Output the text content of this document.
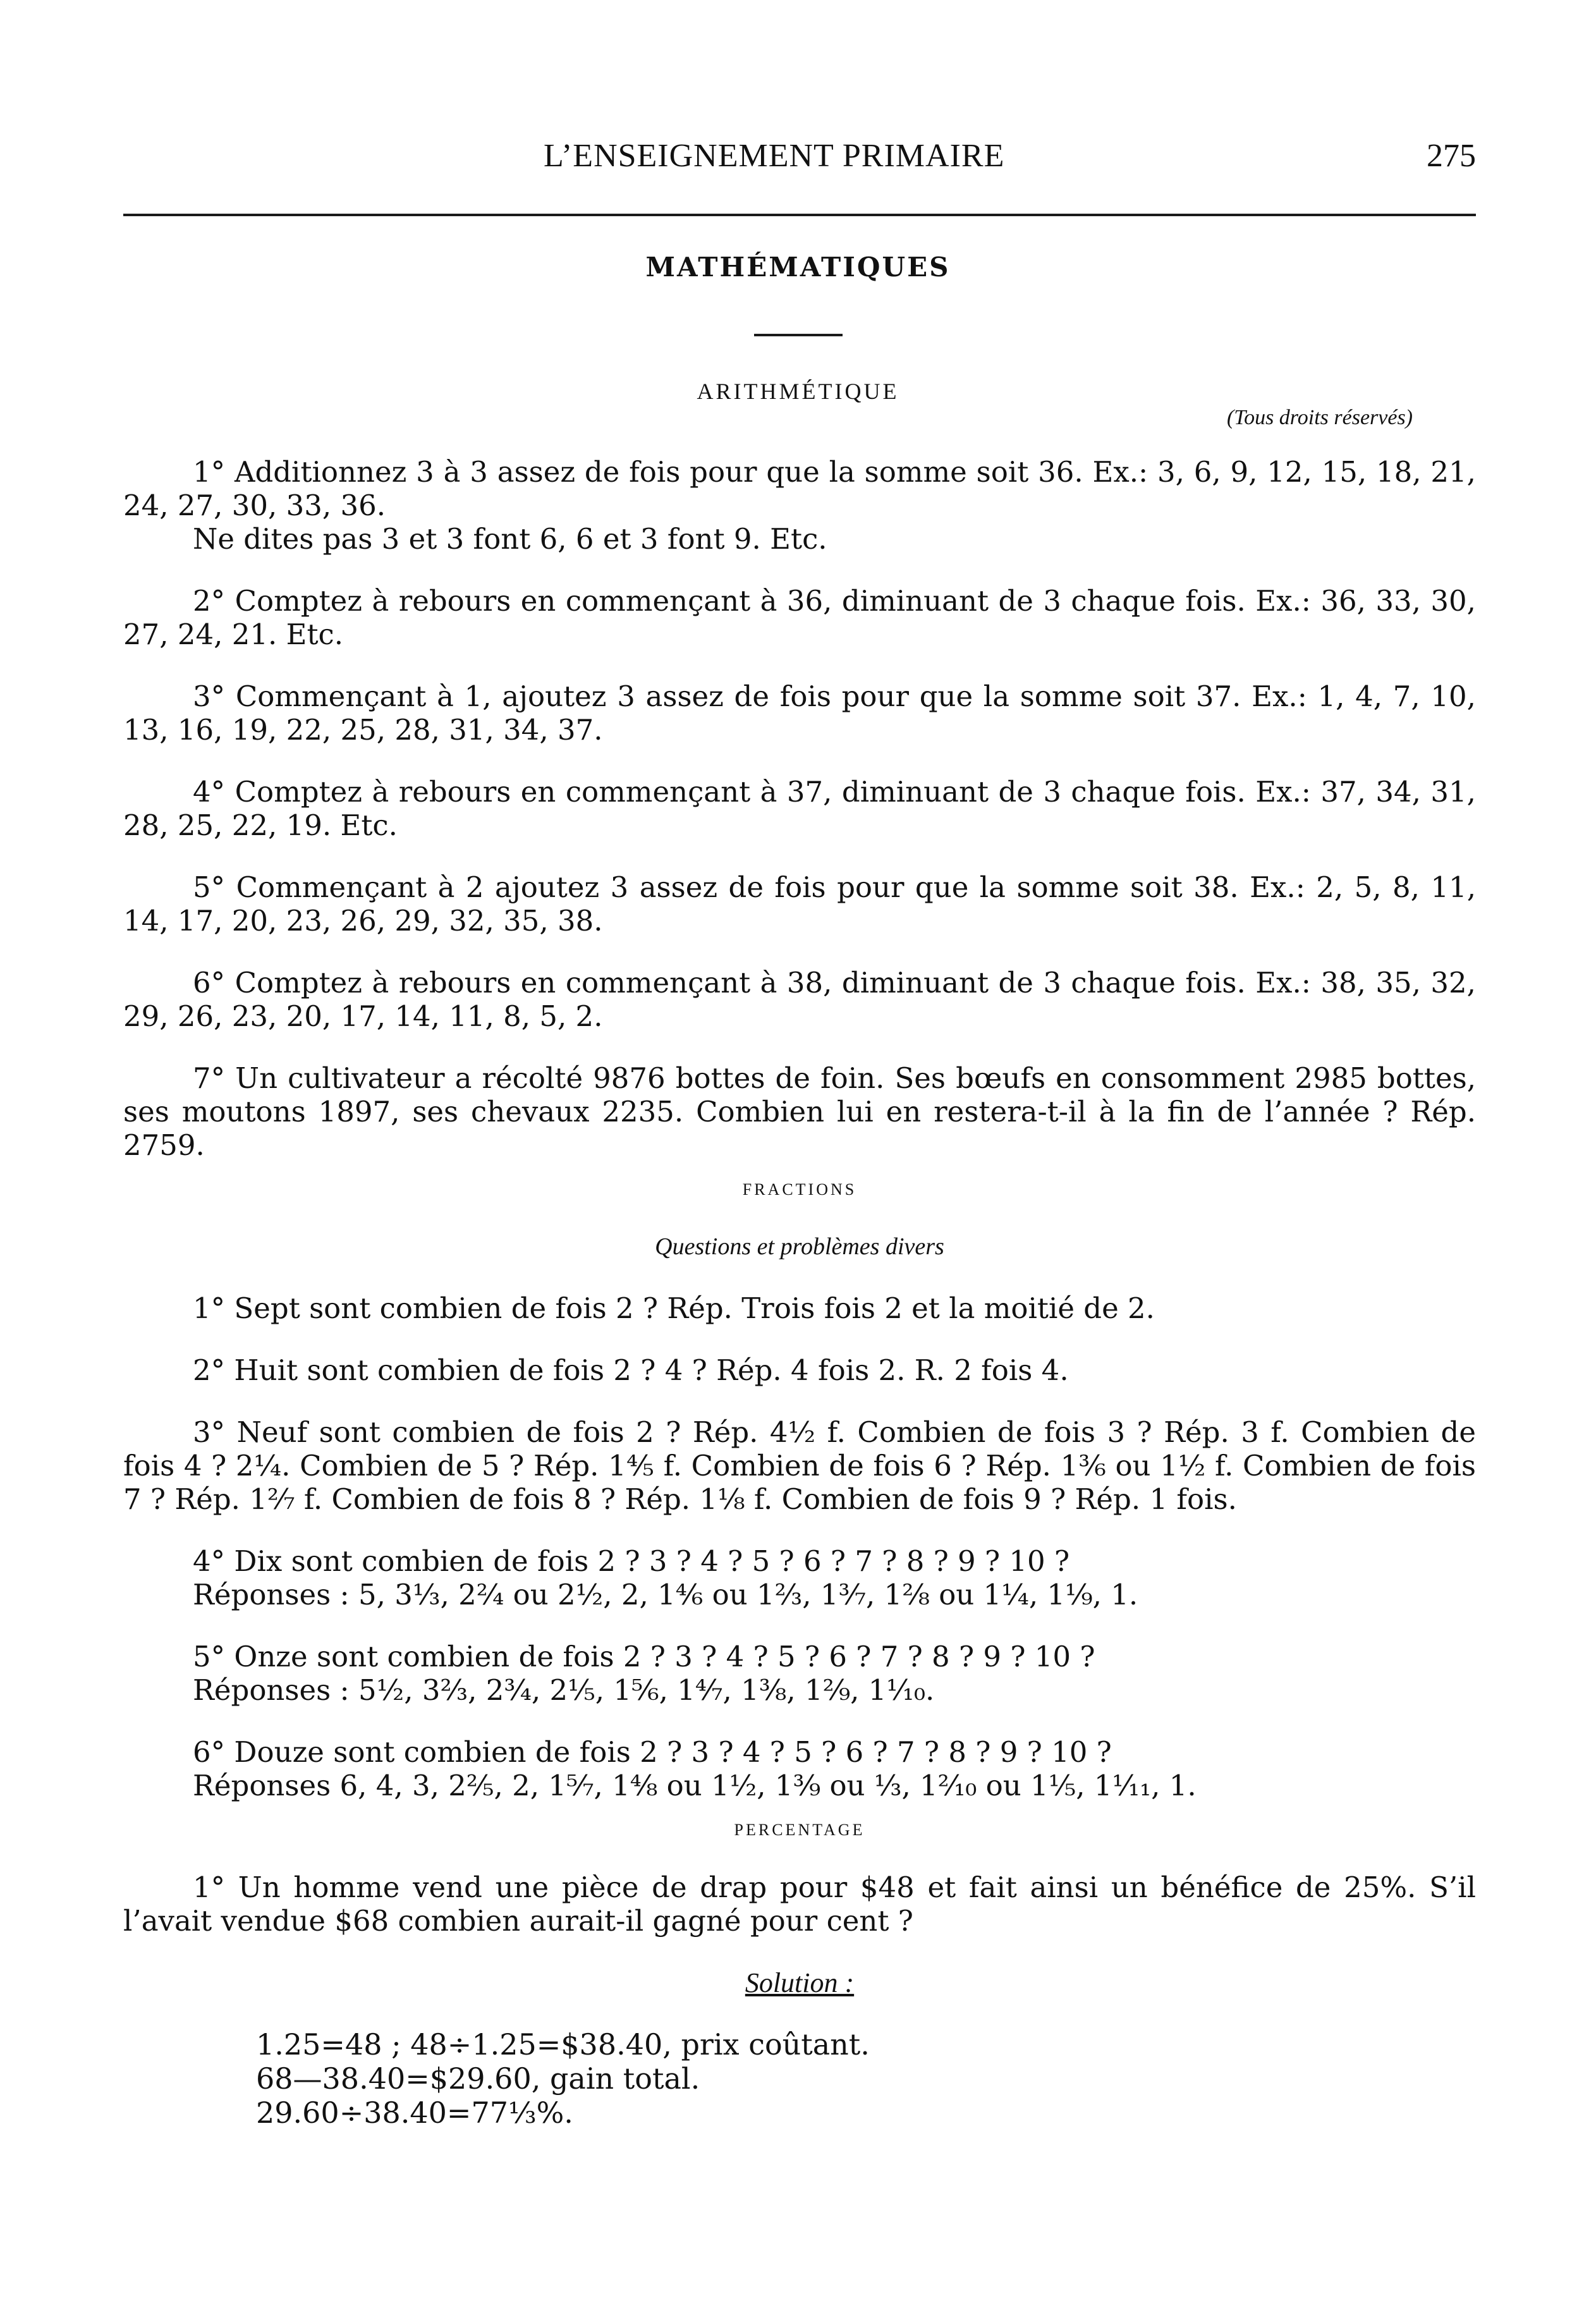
L’ENSEIGNEMENT PRIMAIRE	275
MATHÉMATIQUES
ARITHMÉTIQUE
(Tous droits réservés)
1° Additionnez 3 à 3 assez de fois pour que la somme soit 36. Ex.: 3, 6, 9, 12, 15, 18, 21, 24, 27, 30, 33, 36.
Ne dites pas 3 et 3 font 6, 6 et 3 font 9. Etc.
2° Comptez à rebours en commençant à 36, diminuant de 3 chaque fois. Ex.: 36, 33, 30, 27, 24, 21. Etc.
3° Commençant à 1, ajoutez 3 assez de fois pour que la somme soit 37. Ex.: 1, 4, 7, 10, 13, 16, 19, 22, 25, 28, 31, 34, 37.
4° Comptez à rebours en commençant à 37, diminuant de 3 chaque fois. Ex.: 37, 34, 31, 28, 25, 22, 19. Etc.
5° Commençant à 2 ajoutez 3 assez de fois pour que la somme soit 38. Ex.: 2, 5, 8, 11, 14, 17, 20, 23, 26, 29, 32, 35, 38.
6° Comptez à rebours en commençant à 38, diminuant de 3 chaque fois. Ex.: 38, 35, 32, 29, 26, 23, 20, 17, 14, 11, 8, 5, 2.
7° Un cultivateur a récolté 9876 bottes de foin. Ses bœufs en consomment 2985 bottes, ses moutons 1897, ses chevaux 2235. Combien lui en restera-t-il à la fin de l’année ? Rép. 2759.
FRACTIONS
Questions et problèmes divers
1° Sept sont combien de fois 2 ? Rép. Trois fois 2 et la moitié de 2.
2° Huit sont combien de fois 2 ? 4 ? Rép. 4 fois 2. R. 2 fois 4.
3° Neuf sont combien de fois 2 ? Rép. 4½ f. Combien de fois 3 ? Rép. 3 f. Combien de fois 4 ? 2¼. Combien de 5 ? Rép. 1⅘ f. Combien de fois 6 ? Rép. 1³⁄₆ ou 1½ f. Combien de fois 7 ? Rép. 1²⁄₇ f. Combien de fois 8 ? Rép. 1⅛ f. Combien de fois 9 ? Rép. 1 fois.
4° Dix sont combien de fois 2 ? 3 ? 4 ? 5 ? 6 ? 7 ? 8 ? 9 ? 10 ?
Réponses : 5, 3⅓, 2²⁄₄ ou 2½, 2, 1⁴⁄₆ ou 1⅔, 1³⁄₇, 1²⁄₈ ou 1¼, 1⅑, 1.
5° Onze sont combien de fois 2 ? 3 ? 4 ? 5 ? 6 ? 7 ? 8 ? 9 ? 10 ?
Réponses : 5½, 3⅔, 2¾, 2⅕, 1⅚, 1⁴⁄₇, 1⅜, 1²⁄₉, 1⅒.
6° Douze sont combien de fois 2 ? 3 ? 4 ? 5 ? 6 ? 7 ? 8 ? 9 ? 10 ?
Réponses 6, 4, 3, 2⅖, 2, 1⁵⁄₇, 1⁴⁄₈ ou 1½, 1³⁄₉ ou ⅓, 1²⁄₁₀ ou 1⅕, 1¹⁄₁₁, 1.
PERCENTAGE
1° Un homme vend une pièce de drap pour $48 et fait ainsi un bénéfice de 25%. S’il l’avait vendue $68 combien aurait-il gagné pour cent ?
Solution :
1.25=48 ; 48÷1.25=$38.40, prix coûtant.
68—38.40=$29.60, gain total.
29.60÷38.40=77⅓%.
